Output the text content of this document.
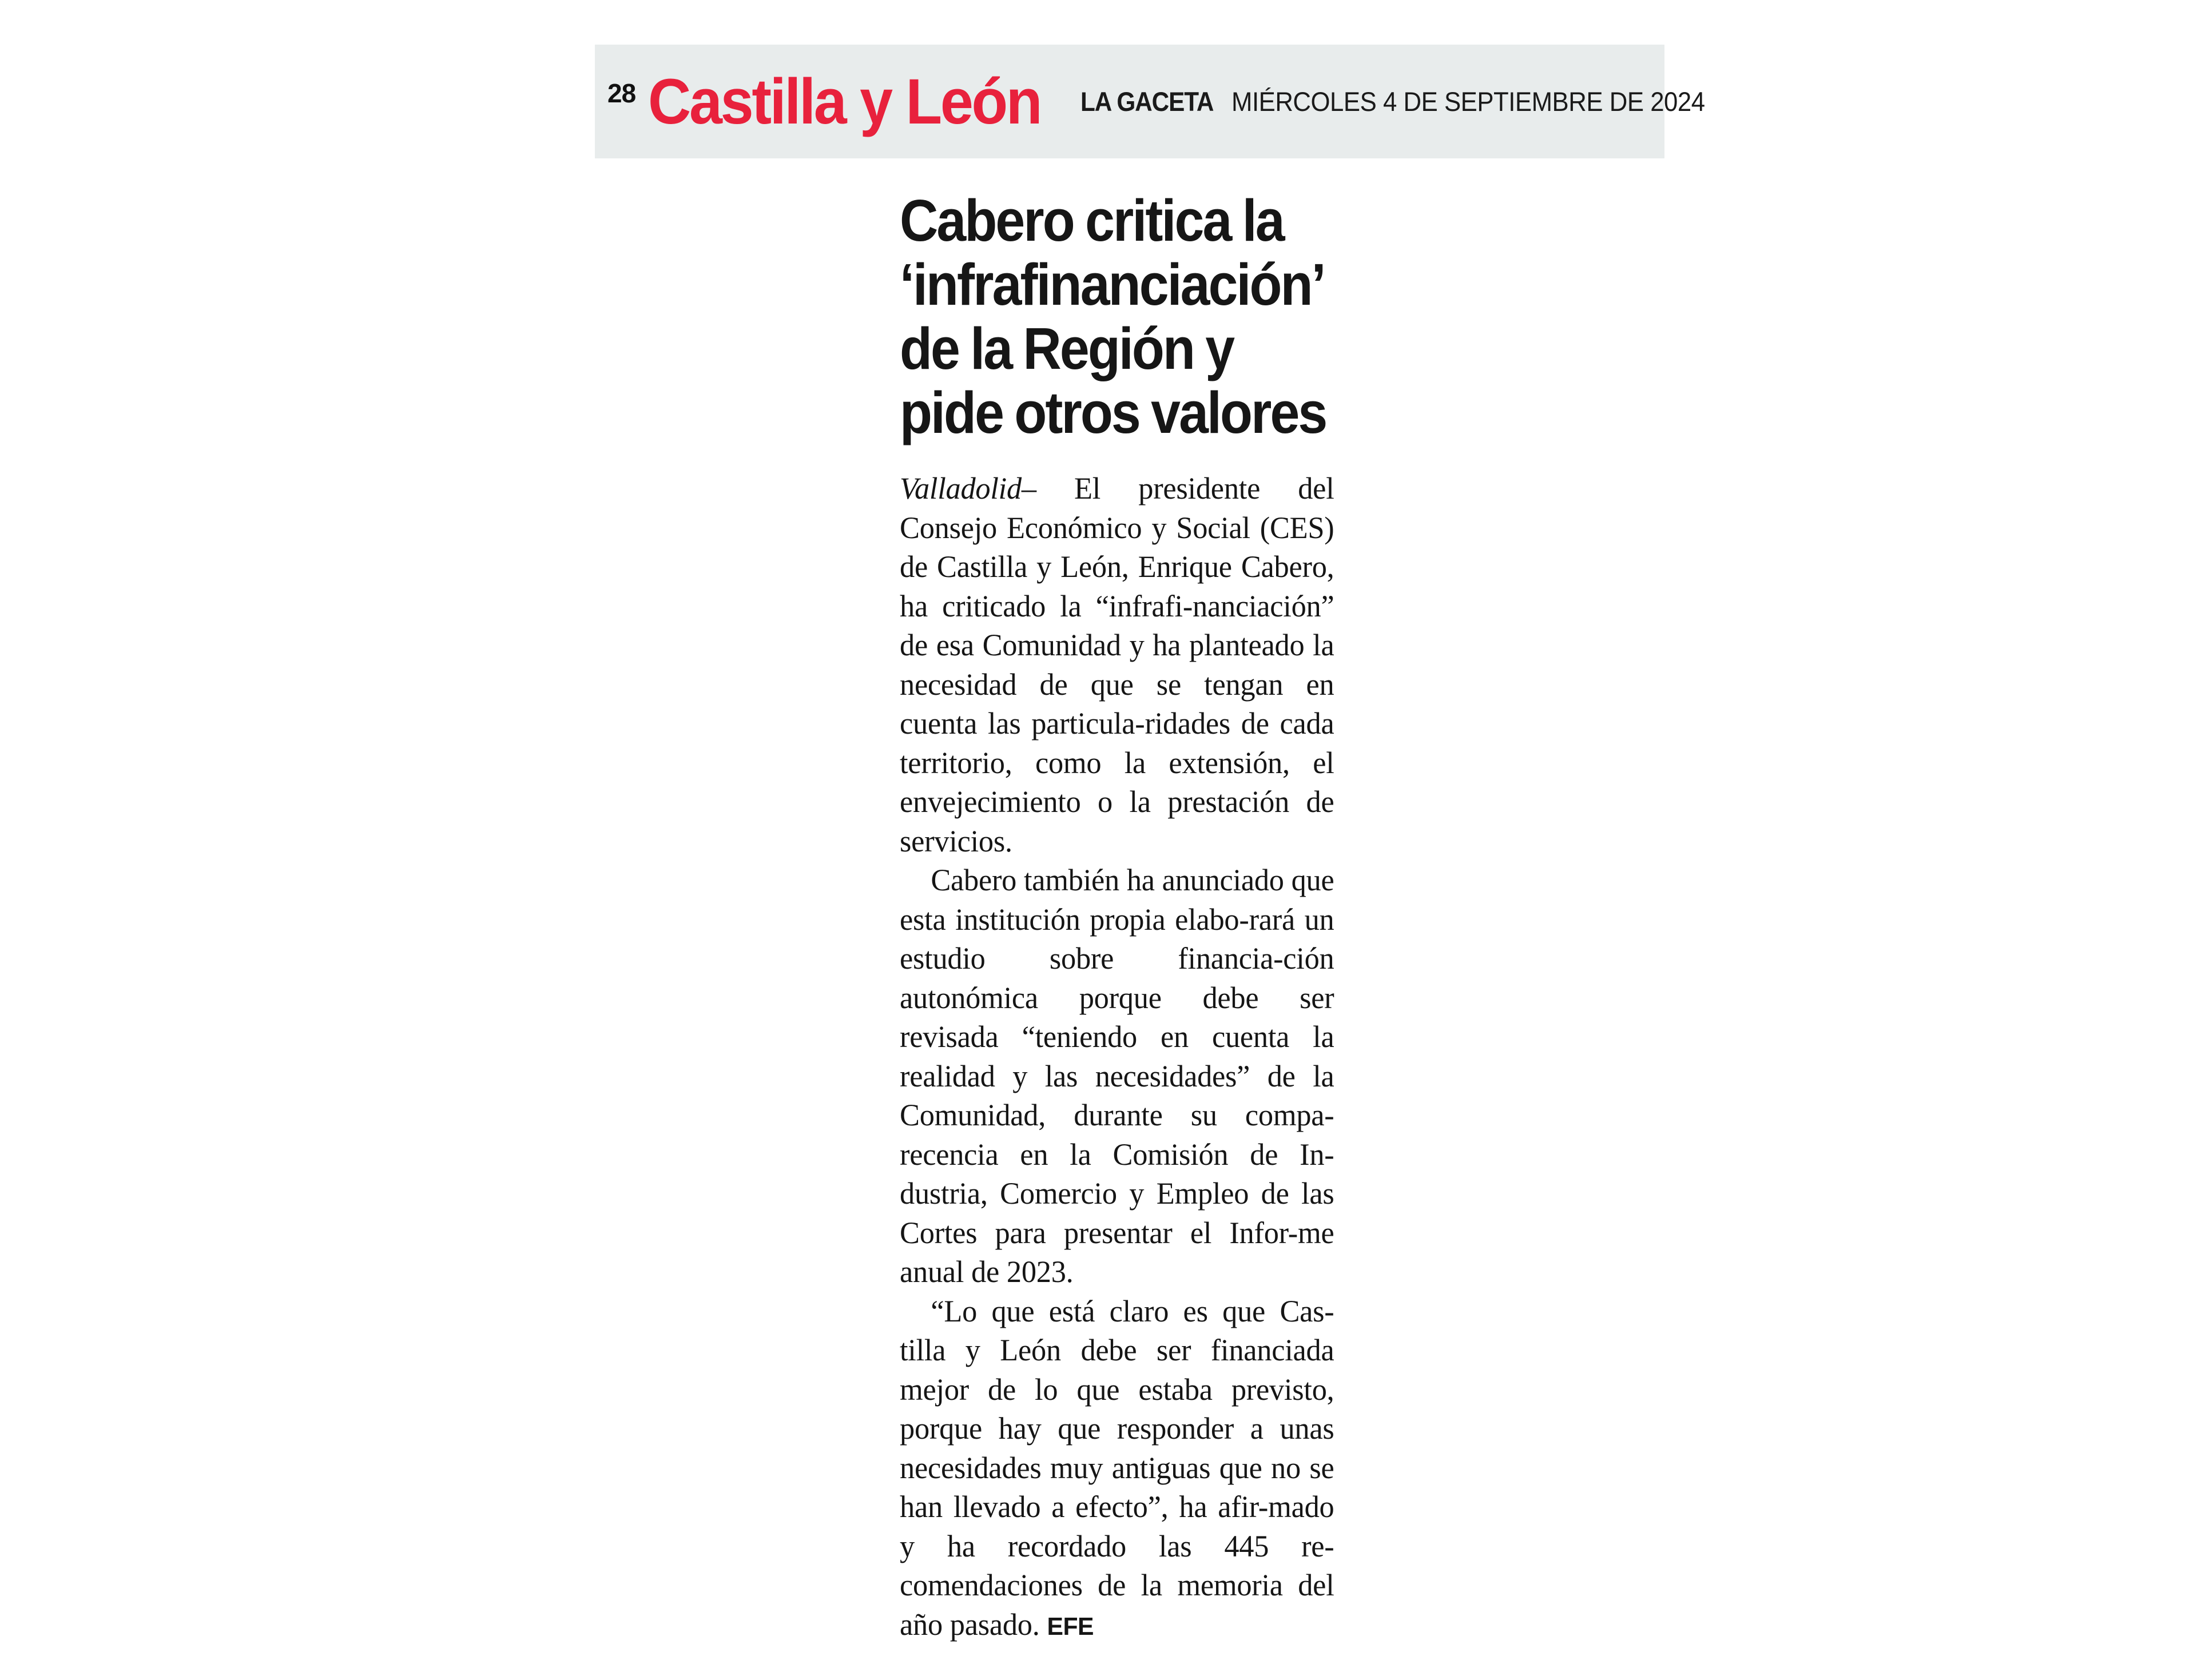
28 Castilla y León LA GACETA MIÉRCOLES 4 DE SEPTIEMBRE DE 2024
Cabero critica la ‘infrafinanciación’ de la Región y pide otros valores

Valladolid– El presidente del Consejo Económico y Social (CES) de Castilla y León, Enrique Cabero, ha criticado la “infrafi-​nanciación” de esa Comunidad y ha planteado la necesidad de que se tengan en cuenta las particula-​ridades de cada territorio, como la extensión, el envejecimiento o la prestación de servicios.

Cabero también ha anunciado que esta institución propia elabo-​rará un estudio sobre financia-​ción autonómica porque debe ser revisada “teniendo en cuenta la realidad y las necesidades” de la Comunidad, durante su compa-​recencia en la Comisión de In-​dustria, Comercio y Empleo de las Cortes para presentar el Infor-​me anual de 2023.

“Lo que está claro es que Cas-​tilla y León debe ser financiada mejor de lo que estaba previsto, porque hay que responder a unas necesidades muy antiguas que no se han llevado a efecto”, ha afir-​mado y ha recordado las 445 re-​comendaciones de la memoria del año pasado. EFE
